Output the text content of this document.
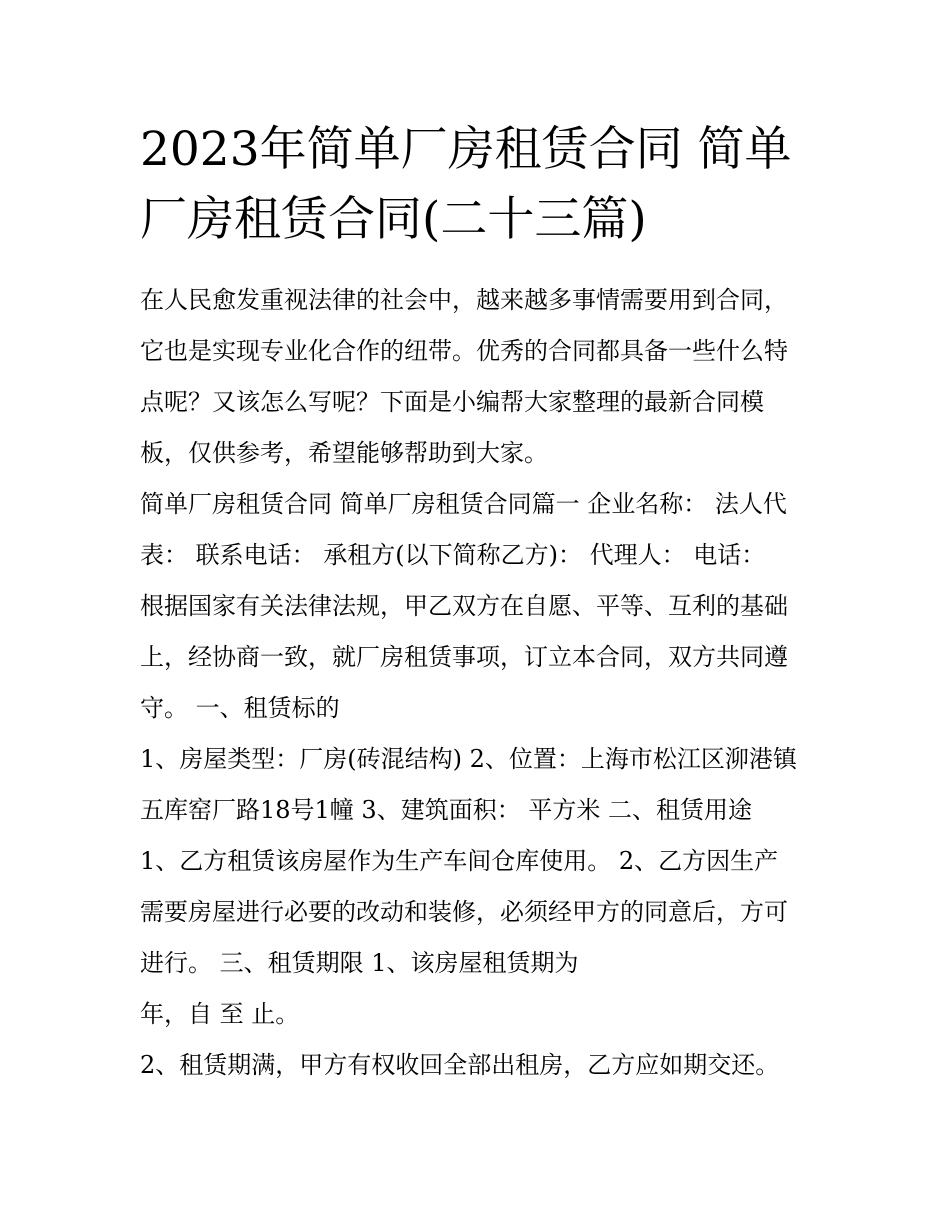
2023年简单厂房租赁合同 简单厂房租赁合同(二十三篇)

在人民愈发重视法律的社会中，越来越多事情需要用到合同，

它也是实现专业化合作的纽带。优秀的合同都具备一些什么特

点呢？又该怎么写呢？下面是小编帮大家整理的最新合同模

板，仅供参考，希望能够帮助到大家。

简单厂房租赁合同 简单厂房租赁合同篇一 企业名称： 法人代

表： 联系电话： 承租方(以下简称乙方)： 代理人： 电话：

根据国家有关法律法规，甲乙双方在自愿、平等、互利的基础

上，经协商一致，就厂房租赁事项，订立本合同，双方共同遵

守。 一、租赁标的

1、房屋类型：厂房(砖混结构) 2、位置：上海市松江区泖港镇

五库窑厂路18号1幢 3、建筑面积： 平方米 二、租赁用途

1、乙方租赁该房屋作为生产车间仓库使用。 2、乙方因生产

需要房屋进行必要的改动和装修，必须经甲方的同意后，方可

进行。 三、租赁期限 1、该房屋租赁期为

年，自 至 止。

2、租赁期满，甲方有权收回全部出租房，乙方应如期交还。
